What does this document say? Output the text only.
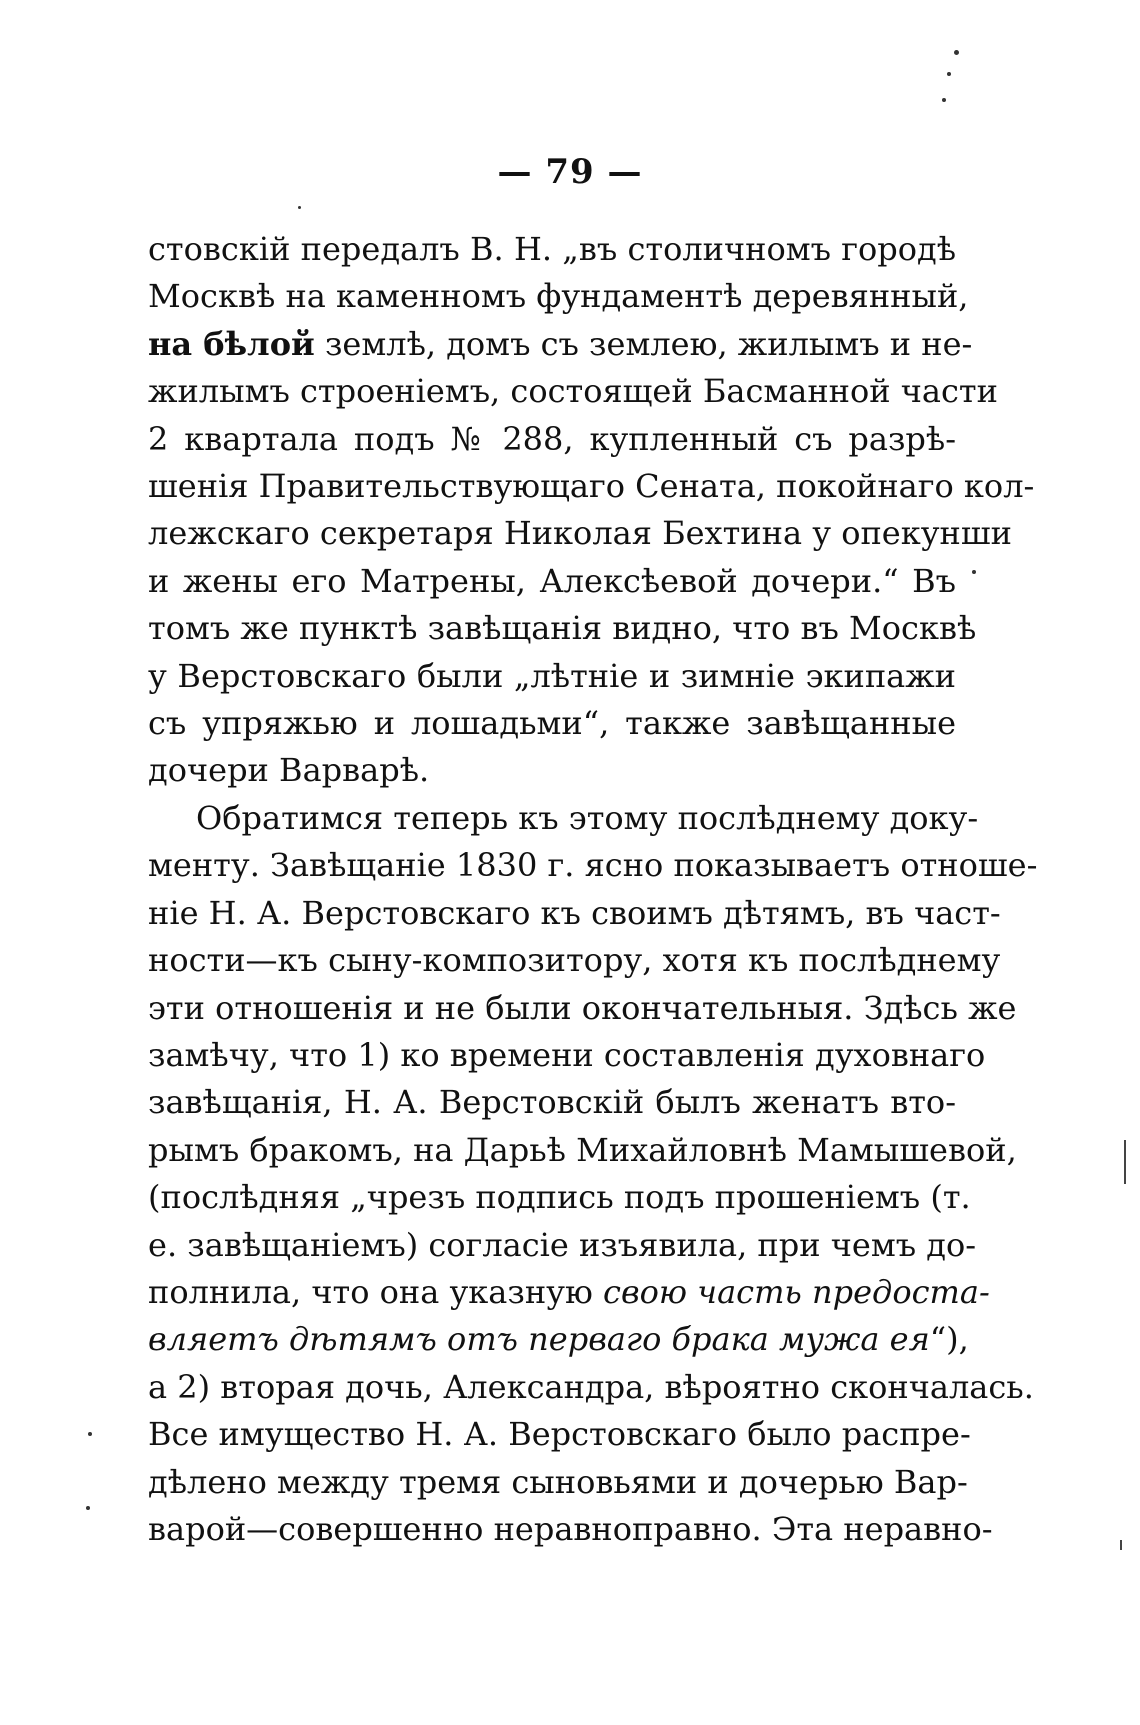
— 79 —
стовскій передалъ В. Н. „въ столичномъ городѣ
Москвѣ на каменномъ фундаментѣ деревянный,
на бѣлой землѣ, домъ съ землею, жилымъ и не-
жилымъ строеніемъ, состоящей Басманной части
2 квартала подъ № 288, купленный съ разрѣ-
шенія Правительствующаго Сената, покойнаго кол-
лежскаго секретаря Николая Бехтина у опекунши
и жены его Матрены, Алексѣевой дочери.“ Въ
томъ же пунктѣ завѣщанія видно, что въ Москвѣ
у Верстовскаго были „лѣтніе и зимніе экипажи
съ упряжью и лошадьми“, также завѣщанные
дочери Варварѣ.
Обратимся теперь къ этому послѣднему доку-
менту. Завѣщаніе 1830 г. ясно показываетъ отноше-
ніе Н. А. Верстовскаго къ своимъ дѣтямъ, въ част-
ности—къ сыну-композитору, хотя къ послѣднему
эти отношенія и не были окончательныя. Здѣсь же
замѣчу, что 1) ко времени составленія духовнаго
завѣщанія, Н. А. Верстовскій былъ женатъ вто-
рымъ бракомъ, на Дарьѣ Михайловнѣ Мамышевой,
(послѣдняя „чрезъ подпись подъ прошеніемъ (т.
е. завѣщаніемъ) согласіе изъявила, при чемъ до-
полнила, что она указную свою часть предоста-
вляетъ дѣтямъ отъ перваго брака мужа ея“),
а 2) вторая дочь, Александра, вѣроятно скончалась.
Все имущество Н. А. Верстовскаго было распре-
дѣлено между тремя сыновьями и дочерью Вар-
варой—совершенно неравноправно. Эта неравно-
